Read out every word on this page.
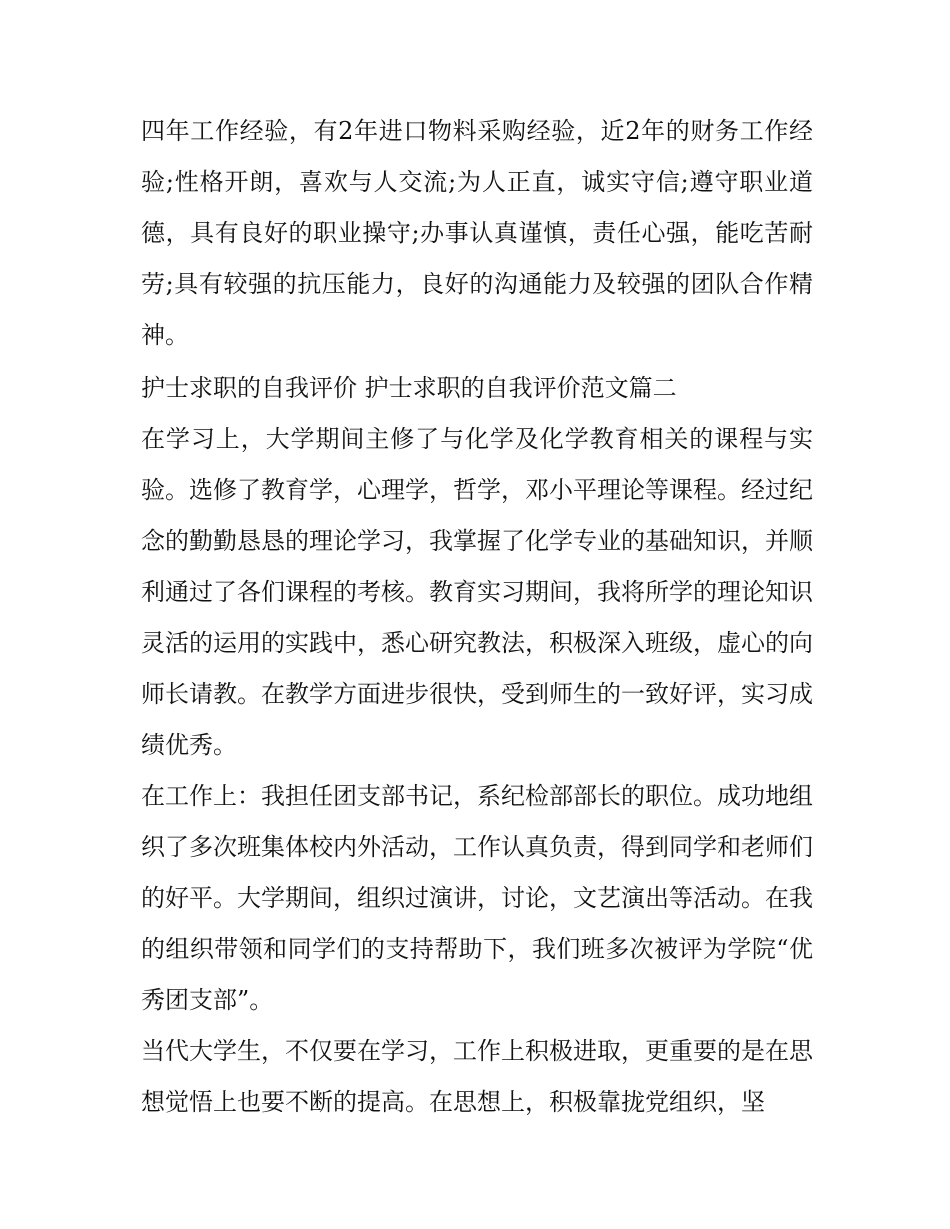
四年工作经验，有2年进口物料采购经验，近2年的财务工作经验;性格开朗，喜欢与人交流;为人正直，诚实守信;遵守职业道德，具有良好的职业操守;办事认真谨慎，责任心强，能吃苦耐劳;具有较强的抗压能力，良好的沟通能力及较强的团队合作精神。

护士求职的自我评价 护士求职的自我评价范文篇二

在学习上，大学期间主修了与化学及化学教育相关的课程与实验。选修了教育学，心理学，哲学，邓小平理论等课程。经过纪念的勤勤恳恳的理论学习，我掌握了化学专业的基础知识，并顺利通过了各们课程的考核。教育实习期间，我将所学的理论知识灵活的运用的实践中，悉心研究教法，积极深入班级，虚心的向师长请教。在教学方面进步很快，受到师生的一致好评，实习成绩优秀。

在工作上：我担任团支部书记，系纪检部部长的职位。成功地组织了多次班集体校内外活动，工作认真负责，得到同学和老师们的好平。大学期间，组织过演讲，讨论，文艺演出等活动。在我的组织带领和同学们的支持帮助下，我们班多次被评为学院“优秀团支部”。

当代大学生，不仅要在学习，工作上积极进取，更重要的是在思想觉悟上也要不断的提高。在思想上，积极靠拢党组织，坚
